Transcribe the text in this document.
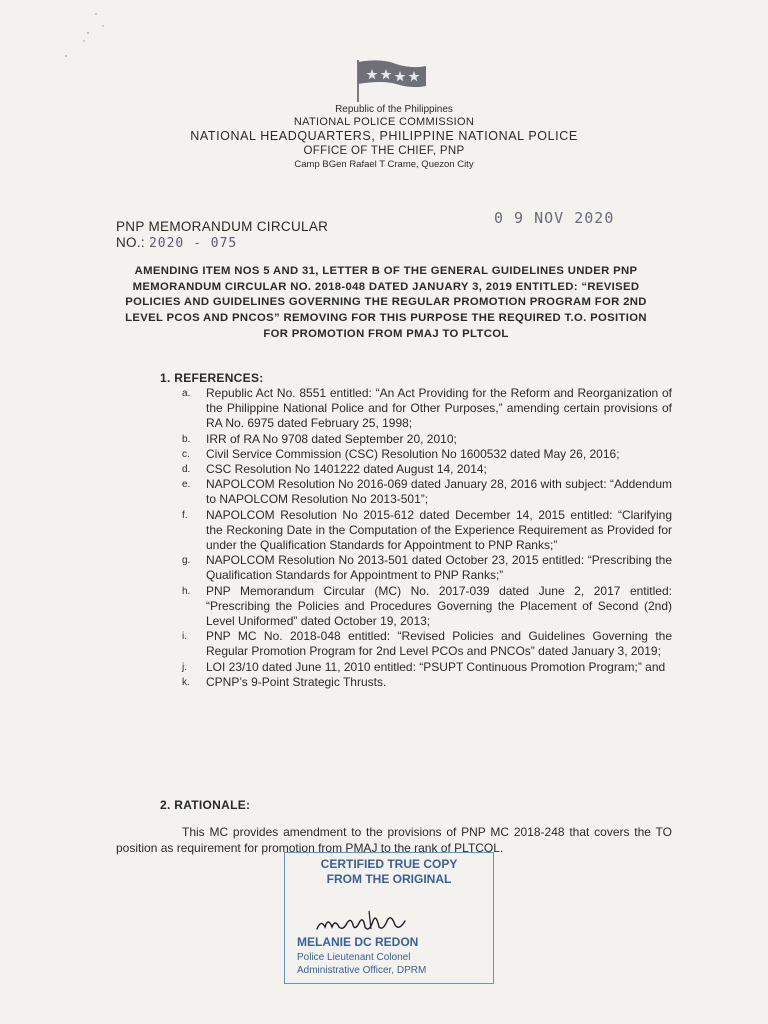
Republic of the Philippines
NATIONAL POLICE COMMISSION
NATIONAL HEADQUARTERS, PHILIPPINE NATIONAL POLICE
OFFICE OF THE CHIEF, PNP
Camp BGen Rafael T Crame, Quezon City
PNP MEMORANDUM CIRCULAR
NO.: 2020 - 075
0 9 NOV 2020
AMENDING ITEM NOS 5 AND 31, LETTER B OF THE GENERAL GUIDELINES UNDER PNP MEMORANDUM CIRCULAR NO. 2018-048 DATED JANUARY 3, 2019 ENTITLED: “REVISED POLICIES AND GUIDELINES GOVERNING THE REGULAR PROMOTION PROGRAM FOR 2ND LEVEL PCOS AND PNCOS” REMOVING FOR THIS PURPOSE THE REQUIRED T.O. POSITION FOR PROMOTION FROM PMAJ TO PLTCOL
1. REFERENCES:
a.	Republic Act No. 8551 entitled: “An Act Providing for the Reform and Reorganization of the Philippine National Police and for Other Purposes,” amending certain provisions of RA No. 6975 dated February 25, 1998;
b.	IRR of RA No 9708 dated September 20, 2010;
c.	Civil Service Commission (CSC) Resolution No 1600532 dated May 26, 2016;
d.	CSC Resolution No 1401222 dated August 14, 2014;
e.	NAPOLCOM Resolution No 2016-069 dated January 28, 2016 with subject: “Addendum to NAPOLCOM Resolution No 2013-501”;
f.	NAPOLCOM Resolution No 2015-612 dated December 14, 2015 entitled: “Clarifying the Reckoning Date in the Computation of the Experience Requirement as Provided for under the Qualification Standards for Appointment to PNP Ranks;”
g.	NAPOLCOM Resolution No 2013-501 dated October 23, 2015 entitled: “Prescribing the Qualification Standards for Appointment to PNP Ranks;”
h.	PNP Memorandum Circular (MC) No. 2017-039 dated June 2, 2017 entitled: “Prescribing the Policies and Procedures Governing the Placement of Second (2nd) Level Uniformed” dated October 19, 2013;
i.	PNP MC No. 2018-048 entitled: “Revised Policies and Guidelines Governing the Regular Promotion Program for 2nd Level PCOs and PNCOs” dated January 3, 2019;
j.	LOI 23/10 dated June 11, 2010 entitled: “PSUPT Continuous Promotion Program;” and
k.	CPNP’s 9-Point Strategic Thrusts.
2. RATIONALE:
This MC provides amendment to the provisions of PNP MC 2018-248 that covers the TO position as requirement for promotion from PMAJ to the rank of PLTCOL.
CERTIFIED TRUE COPY
FROM THE ORIGINAL
MELANIE DC REDON
Police Lieutenant Colonel
Administrative Officer, DPRM
